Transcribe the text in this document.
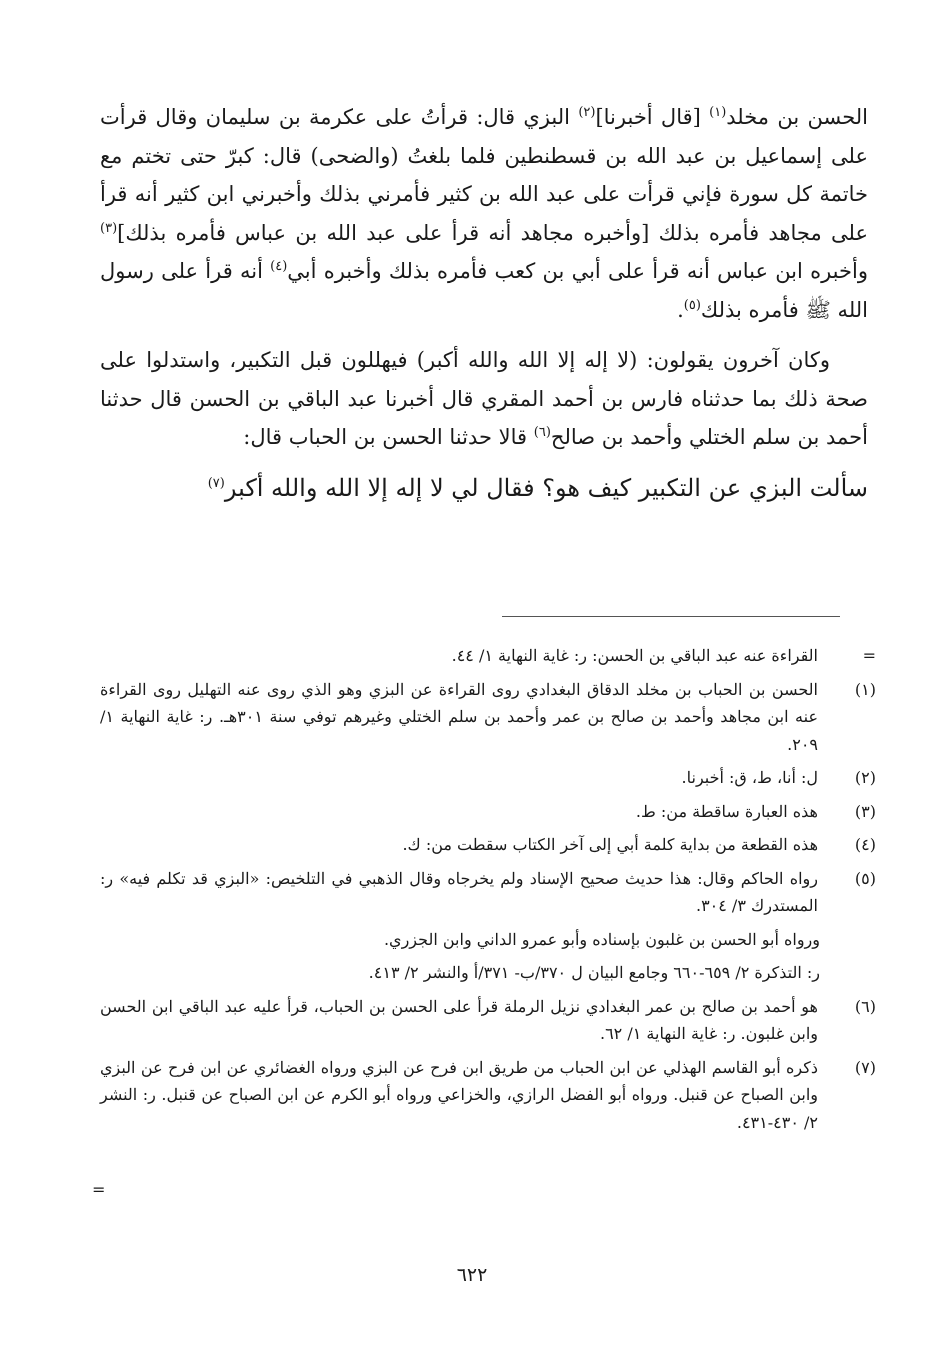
الحسن بن مخلد$^{(١)}$ [قال أخبرنا]$^{(٢)}$ البزي قال: قرأتُ على عكرمة بن سليمان وقال قرأت على إسماعيل بن عبد الله بن قسطنطين فلما بلغتُ (والضحى) قال: كبرّ حتى تختم مع خاتمة كل سورة فإني قرأت على عبد الله بن كثير فأمرني بذلك وأخبرني ابن كثير أنه قرأ على مجاهد فأمره بذلك [وأخبره مجاهد أنه قرأ على عبد الله بن عباس فأمره بذلك]$^{(٣)}$ وأخبره ابن عباس أنه قرأ على أبي بن كعب فأمره بذلك وأخبره أبي$^{(٤)}$ أنه قرأ على رسول الله ﷺ فأمره بذلك$^{(٥)}$.

وكان آخرون يقولون: (لا إله إلا الله والله أكبر) فيهللون قبل التكبير، واستدلوا على صحة ذلك بما حدثناه فارس بن أحمد المقري قال أخبرنا عبد الباقي بن الحسن قال حدثنا أحمد بن سلم الختلي وأحمد بن صالح$^{(٦)}$ قالا حدثنا الحسن بن الحباب قال:

سألت البزي عن التكبير كيف هو؟ فقال لي لا إله إلا الله والله أكبر$^{(٧)}$

=
القراءة عنه عبد الباقي بن الحسن: ر: غاية النهاية ١/ ٤٤.
(١)
الحسن بن الحباب بن مخلد الدقاق البغدادي روى القراءة عن البزي وهو الذي روى عنه التهليل روى القراءة عنه ابن مجاهد وأحمد بن صالح بن عمر وأحمد بن سلم الختلي وغيرهم توفي سنة ٣٠١هـ. ر: غاية النهاية ١/ ٢٠٩.
(٢)
ل: أنا، ط، ق: أخبرنا.
(٣)
هذه العبارة ساقطة من: ط.
(٤)
هذه القطعة من بداية كلمة أبي إلى آخر الكتاب سقطت من: ك.
(٥)
رواه الحاكم وقال: هذا حديث صحيح الإسناد ولم يخرجاه وقال الذهبي في التلخيص: «البزي قد تكلم فيه» ر: المستدرك ٣/ ٣٠٤.
ورواه أبو الحسن بن غلبون بإسناده وأبو عمرو الداني وابن الجزري.
ر: التذكرة ٢/ ٦٥٩-٦٦٠ وجامع البيان ل ٣٧٠/ب- ٣٧١/أ والنشر ٢/ ٤١٣.
(٦)
هو أحمد بن صالح بن عمر البغدادي نزيل الرملة قرأ على الحسن بن الحباب، قرأ عليه عبد الباقي ابن الحسن وابن غلبون. ر: غاية النهاية ١/ ٦٢.
(٧)
ذكره أبو القاسم الهذلي عن ابن الحباب من طريق ابن فرح عن البزي ورواه الغضائري عن ابن فرح عن البزي وابن الصباح عن قنبل. ورواه أبو الفضل الرازي، والخزاعي ورواه أبو الكرم عن ابن الصباح عن قنبل. ر: النشر ٢/ ٤٣٠-٤٣١.
=
٦٢٢
